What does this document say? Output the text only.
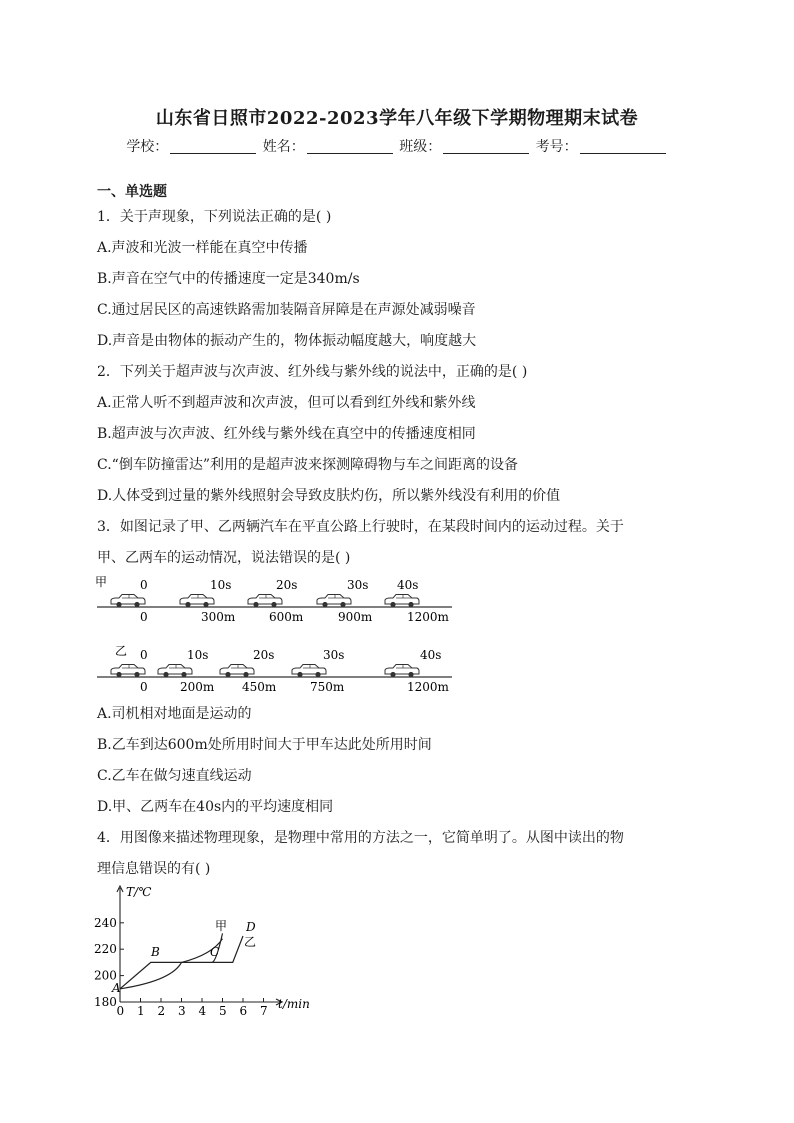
山东省日照市2022-2023学年八年级下学期物理期末试卷
学校：	姓名：	班级：	考号：
一、单选题
1．关于声现象，下列说法正确的是( )
A.声波和光波一样能在真空中传播
B.声音在空气中的传播速度一定是340m/s
C.通过居民区的高速铁路需加装隔音屏障是在声源处减弱噪音
D.声音是由物体的振动产生的，物体振动幅度越大，响度越大
2．下列关于超声波与次声波、红外线与紫外线的说法中，正确的是( )
A.正常人听不到超声波和次声波，但可以看到红外线和紫外线
B.超声波与次声波、红外线与紫外线在真空中的传播速度相同
C.“倒车防撞雷达”利用的是超声波来探测障碍物与车之间距离的设备
D.人体受到过量的紫外线照射会导致皮肤灼伤，所以紫外线没有利用的价值
3．如图记录了甲、乙两辆汽车在平直公路上行驶时，在某段时间内的运动过程。关于
甲、乙两车的运动情况，说法错误的是( )
甲	0	10s	20s	30s 40s
0	300m	600m	900m	1200m
乙 0	10s	20s	30s	40s
0	200m 450m	750m	1200m
A.司机相对地面是运动的
B.乙车到达600m处所用时间大于甲车达此处所用时间
C.乙车在做匀速直线运动
D.甲、乙两车在40s内的平均速度相同
4．用图像来描述物理现象，是物理中常用的方法之一，它简单明了。从图中读出的物
理信息错误的有( )
240
220
200
180
0 1 2 3 4 5 6 7
T/℃
t/min
A
B	C
D
甲
乙
